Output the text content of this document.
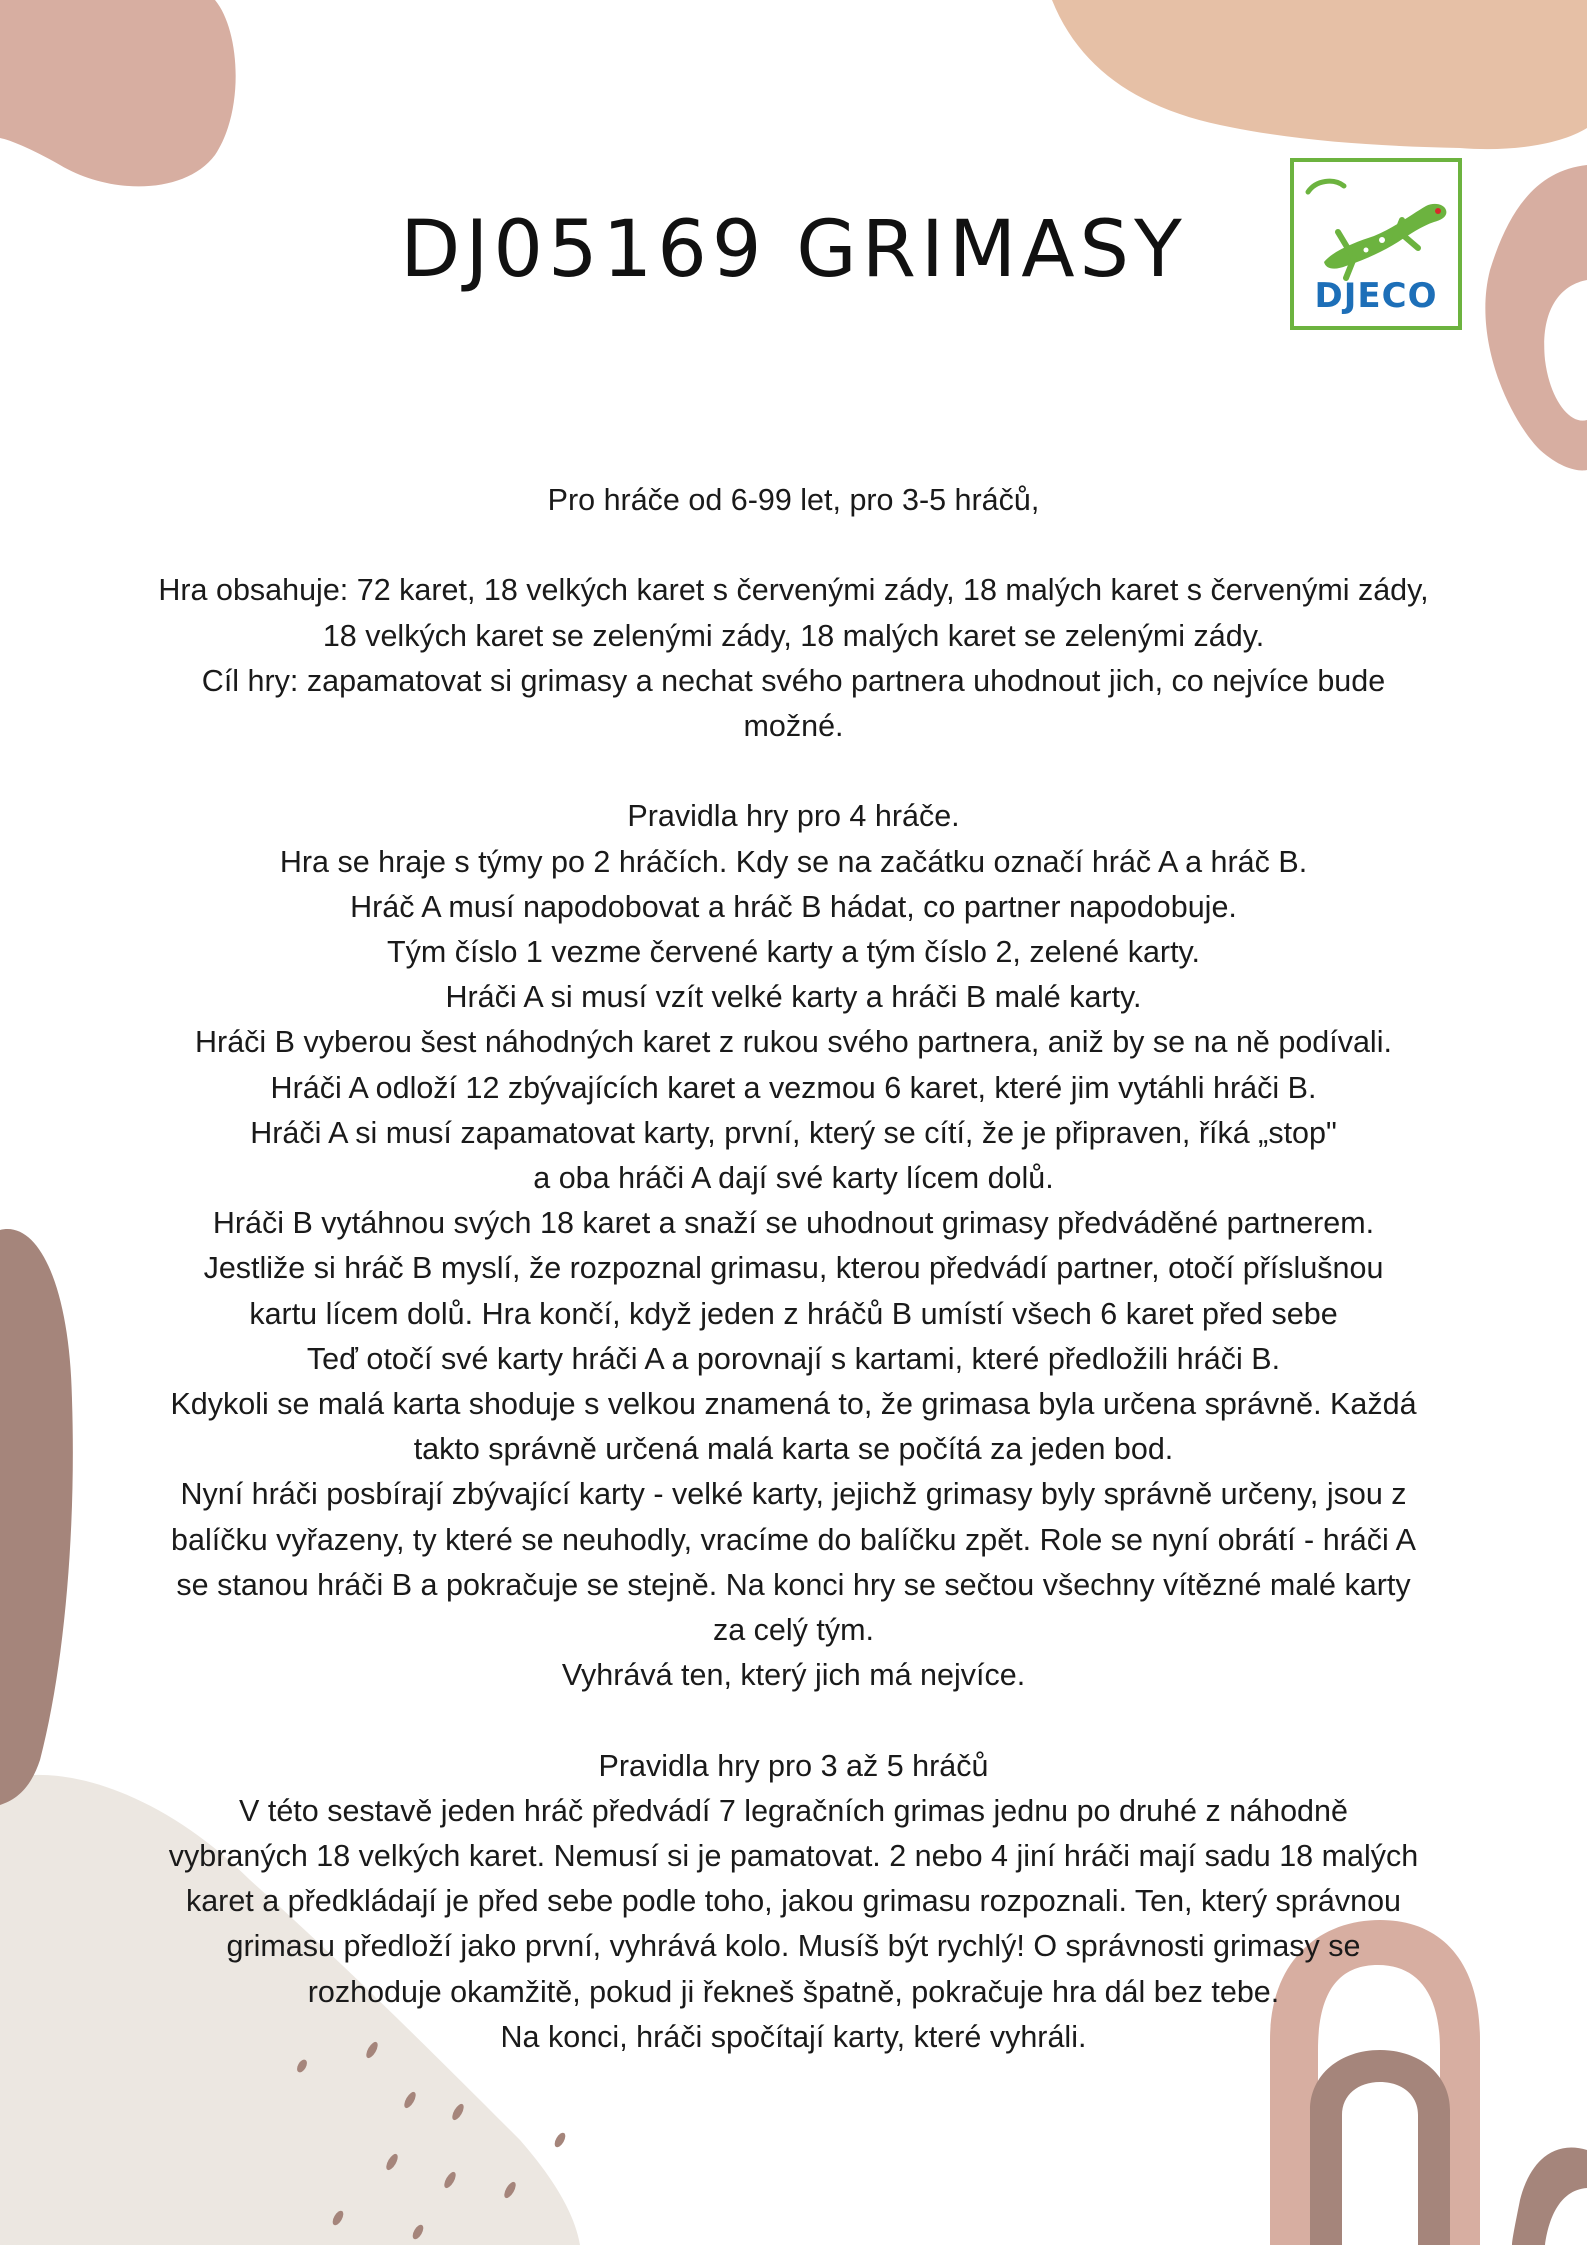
DJ05169 GRIMASY
DJECO

Pro hráče od 6-99 let, pro 3-5 hráčů,

Hra obsahuje: 72 karet, 18 velkých karet s červenými zády, 18 malých karet s červenými zády,

18 velkých karet se zelenými zády, 18 malých karet se zelenými zády.

Cíl hry: zapamatovat si grimasy a nechat svého partnera uhodnout jich, co nejvíce bude

možné.

Pravidla hry pro 4 hráče.

Hra se hraje s týmy po 2 hráčích. Kdy se na začátku označí hráč A a hráč B.

Hráč A musí napodobovat a hráč B hádat, co partner napodobuje.

Tým číslo 1 vezme červené karty a tým číslo 2, zelené karty.

Hráči A si musí vzít velké karty a hráči B malé karty.

Hráči B vyberou šest náhodných karet z rukou svého partnera, aniž by se na ně podívali.

Hráči A odloží 12 zbývajících karet a vezmou 6 karet, které jim vytáhli hráči B.

Hráči A si musí zapamatovat karty, první, který se cítí, že je připraven, říká „stop"

a oba hráči A dají své karty lícem dolů.

Hráči B vytáhnou svých 18 karet a snaží se uhodnout grimasy předváděné partnerem.

Jestliže si hráč B myslí, že rozpoznal grimasu, kterou předvádí partner, otočí příslušnou

kartu lícem dolů. Hra končí, když jeden z hráčů B umístí všech 6 karet před sebe

Teď otočí své karty hráči A a porovnají s kartami, které předložili hráči B.

Kdykoli se malá karta shoduje s velkou znamená to, že grimasa byla určena správně. Každá

takto správně určená malá karta se počítá za jeden bod.

Nyní hráči posbírají zbývající karty - velké karty, jejichž grimasy byly správně určeny, jsou z

balíčku vyřazeny, ty které se neuhodly, vracíme do balíčku zpět. Role se nyní obrátí - hráči A

se stanou hráči B a pokračuje se stejně. Na konci hry se sečtou všechny vítězné malé karty

za celý tým.

Vyhrává ten, který jich má nejvíce.

Pravidla hry pro 3 až 5 hráčů

V této sestavě jeden hráč předvádí 7 legračních grimas jednu po druhé z náhodně

vybraných 18 velkých karet. Nemusí si je pamatovat. 2 nebo 4 jiní hráči mají sadu 18 malých

karet a předkládají je před sebe podle toho, jakou grimasu rozpoznali. Ten, který správnou

grimasu předloží jako první, vyhrává kolo. Musíš být rychlý! O správnosti grimasy se

rozhoduje okamžitě, pokud ji řekneš špatně, pokračuje hra dál bez tebe.

Na konci, hráči spočítají karty, které vyhráli.
